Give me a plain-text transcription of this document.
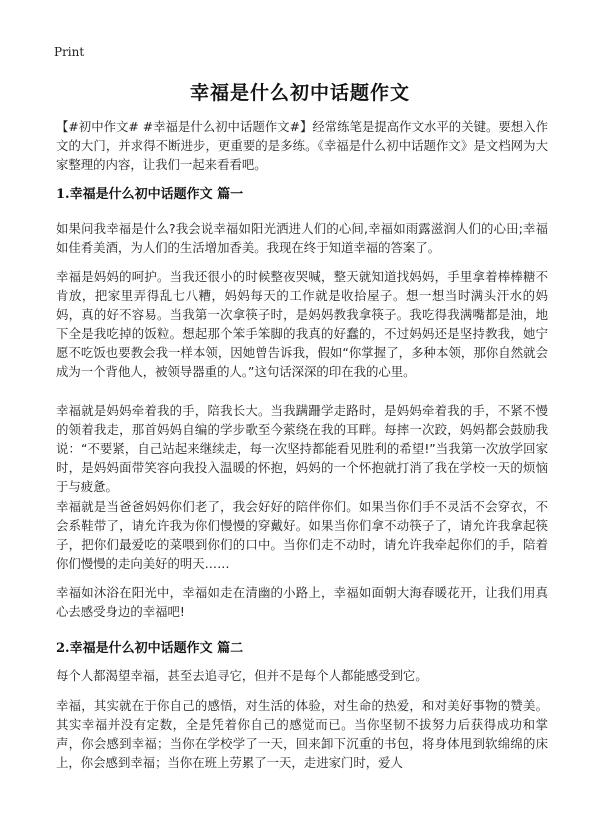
Print
幸福是什么初中话题作文
【#初中作文# #幸福是什么初中话题作文#】经常练笔是提高作文水平的关键。要想入作文的大门，并求得不断进步，更重要的是多练。《幸福是什么初中话题作文》是文档网为大家整理的内容，让我们一起来看看吧。
1.幸福是什么初中话题作文 篇一
如果问我幸福是什么?我会说幸福如阳光洒进人们的心间,幸福如雨露滋润人们的心田;幸福如佳肴美酒，为人们的生活增加香美。我现在终于知道幸福的答案了。
幸福是妈妈的呵护。当我还很小的时候整夜哭喊，整天就知道找妈妈，手里拿着棒棒糖不肯放，把家里弄得乱七八糟，妈妈每天的工作就是收拾屋子。想一想当时满头汗水的妈妈，真的好不容易。当我第一次拿筷子时，是妈妈教我拿筷子。我吃得我满嘴都是油，地下全是我吃掉的饭粒。想起那个笨手笨脚的我真的好蠢的，不过妈妈还是坚持教我，她宁愿不吃饭也要教会我一样本领，因她曾告诉我，假如“你掌握了，多种本领，那你自然就会成为一个背他人，被领导器重的人。”这句话深深的印在我的心里。
幸福就是妈妈牵着我的手，陪我长大。当我蹒跚学走路时，是妈妈牵着我的手，不紧不慢的领着我走，那首妈妈自编的学步歌至今萦绕在我的耳畔。每摔一次跤，妈妈都会鼓励我说：“不要紧，自己站起来继续走，每一次坚持都能看见胜利的希望!”当我第一次放学回家时，是妈妈面带笑容向我投入温暖的怀抱，妈妈的一个怀抱就打消了我在学校一天的烦恼于与疲惫。
幸福就是当爸爸妈妈你们老了，我会好好的陪伴你们。如果当你们手不灵活不会穿衣，不会系鞋带了，请允许我为你们慢慢的穿戴好。如果当你们拿不动筷子了，请允许我拿起筷子，把你们最爱吃的菜喂到你们的口中。当你们走不动时，请允许我牵起你们的手，陪着你们慢慢的走向美好的明天……
幸福如沐浴在阳光中，幸福如走在清幽的小路上，幸福如面朝大海春暖花开，让我们用真心去感受身边的幸福吧!
2.幸福是什么初中话题作文 篇二
每个人都渴望幸福，甚至去追寻它，但并不是每个人都能感受到它。
幸福，其实就在于你自己的感悟，对生活的体验，对生命的热爱，和对美好事物的赞美。其实幸福并没有定数，全是凭着你自己的感觉而已。当你坚韧不拔努力后获得成功和掌声，你会感到幸福；当你在学校学了一天，回来卸下沉重的书包，将身体甩到软绵绵的床上，你会感到幸福；当你在班上劳累了一天，走进家门时，爱人
